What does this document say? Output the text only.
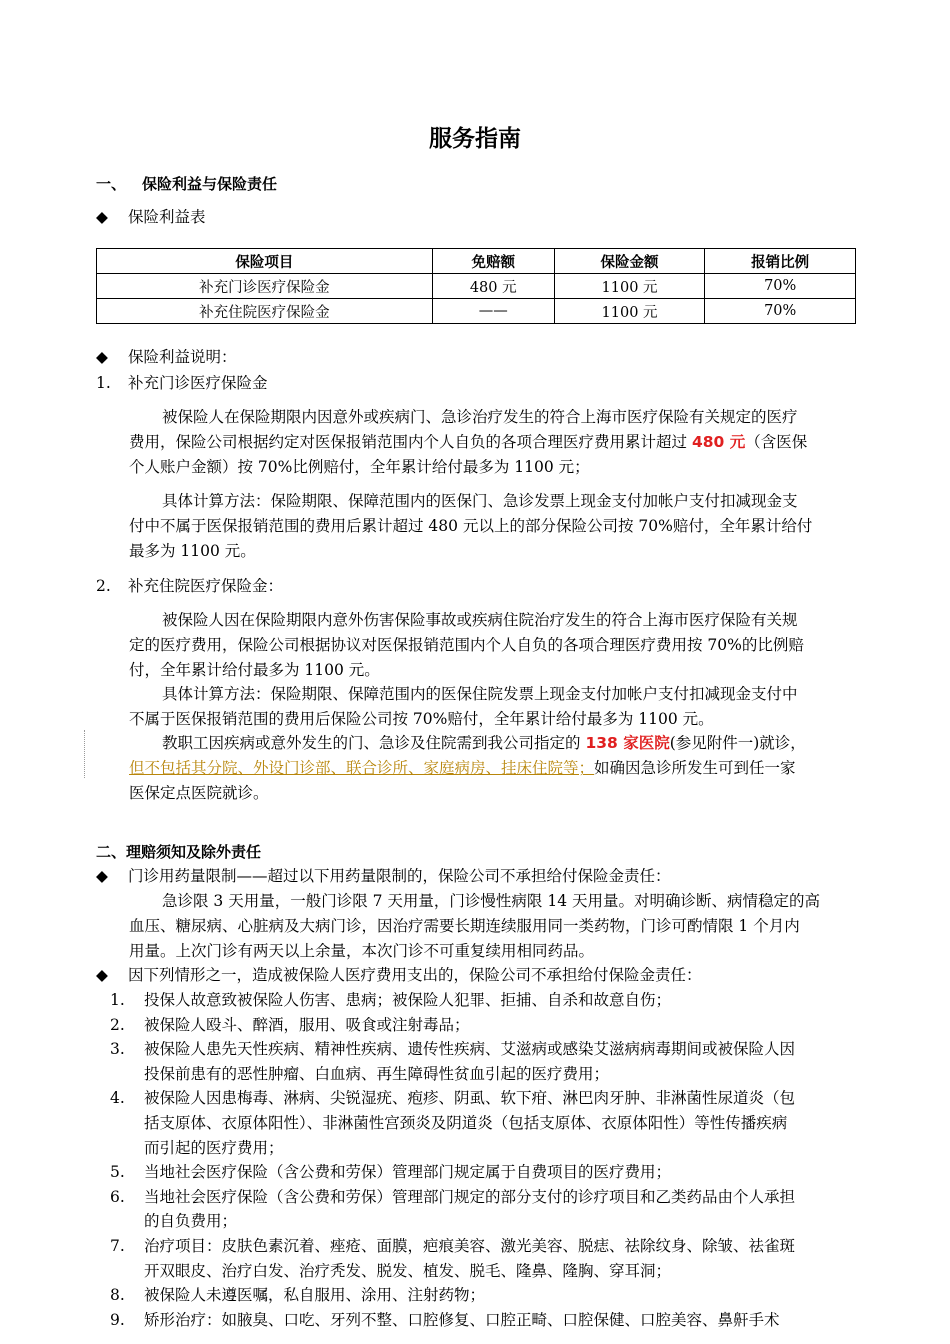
服务指南
一、 保险利益与保险责任
◆ 保险利益表
保险项目	免赔额	保险金额	报销比例
补充门诊医疗保险金	480 元	1100 元	70%
补充住院医疗保险金	——	1100 元	70%
◆ 保险利益说明：
1. 补充门诊医疗保险金
被保险人在保险期限内因意外或疾病门、急诊治疗发生的符合上海市医疗保险有关规定的医疗
费用，保险公司根据约定对医保报销范围内个人自负的各项合理医疗费用累计超过 480 元（含医保
个人账户金额）按 70%比例赔付，全年累计给付最多为 1100 元；
具体计算方法：保险期限、保障范围内的医保门、急诊发票上现金支付加帐户支付扣减现金支
付中不属于医保报销范围的费用后累计超过 480 元以上的部分保险公司按 70%赔付，全年累计给付
最多为 1100 元。
2. 补充住院医疗保险金：
被保险人因在保险期限内意外伤害保险事故或疾病住院治疗发生的符合上海市医疗保险有关规
定的医疗费用，保险公司根据协议对医保报销范围内个人自负的各项合理医疗费用按 70%的比例赔
付，全年累计给付最多为 1100 元。
具体计算方法：保险期限、保障范围内的医保住院发票上现金支付加帐户支付扣减现金支付中
不属于医保报销范围的费用后保险公司按 70%赔付，全年累计给付最多为 1100 元。
教职工因疾病或意外发生的门、急诊及住院需到我公司指定的 138 家医院(参见附件一)就诊，
但不包括其分院、外设门诊部、联合诊所、家庭病房、挂床住院等；如确因急诊所发生可到任一家
医保定点医院就诊。
二、理赔须知及除外责任
◆ 门诊用药量限制——超过以下用药量限制的，保险公司不承担给付保险金责任：
急诊限 3 天用量，一般门诊限 7 天用量，门诊慢性病限 14 天用量。对明确诊断、病情稳定的高
血压、糖尿病、心脏病及大病门诊，因治疗需要长期连续服用同一类药物，门诊可酌情限 1 个月内
用量。上次门诊有两天以上余量，本次门诊不可重复续用相同药品。
◆ 因下列情形之一，造成被保险人医疗费用支出的，保险公司不承担给付保险金责任：
1. 投保人故意致被保险人伤害、患病；被保险人犯罪、拒捕、自杀和故意自伤；
2. 被保险人殴斗、醉酒，服用、吸食或注射毒品；
3. 被保险人患先天性疾病、精神性疾病、遗传性疾病、艾滋病或感染艾滋病病毒期间或被保险人因
投保前患有的恶性肿瘤、白血病、再生障碍性贫血引起的医疗费用；
4. 被保险人因患梅毒、淋病、尖锐湿疣、疱疹、阴虱、软下疳、淋巴肉牙肿、非淋菌性尿道炎（包
括支原体、衣原体阳性）、非淋菌性宫颈炎及阴道炎（包括支原体、衣原体阳性）等性传播疾病
而引起的医疗费用；
5. 当地社会医疗保险（含公费和劳保）管理部门规定属于自费项目的医疗费用；
6. 当地社会医疗保险（含公费和劳保）管理部门规定的部分支付的诊疗项目和乙类药品由个人承担
的自负费用；
7. 治疗项目：皮肤色素沉着、痤疮、面膜，疤痕美容、激光美容、脱痣、祛除纹身、除皱、祛雀斑
开双眼皮、治疗白发、治疗秃发、脱发、植发、脱毛、隆鼻、隆胸、穿耳洞；
8. 被保险人未遵医嘱，私自服用、涂用、注射药物；
9. 矫形治疗：如腋臭、口吃、牙列不整、口腔修复、口腔正畸、口腔保健、口腔美容、鼻鼾手术
